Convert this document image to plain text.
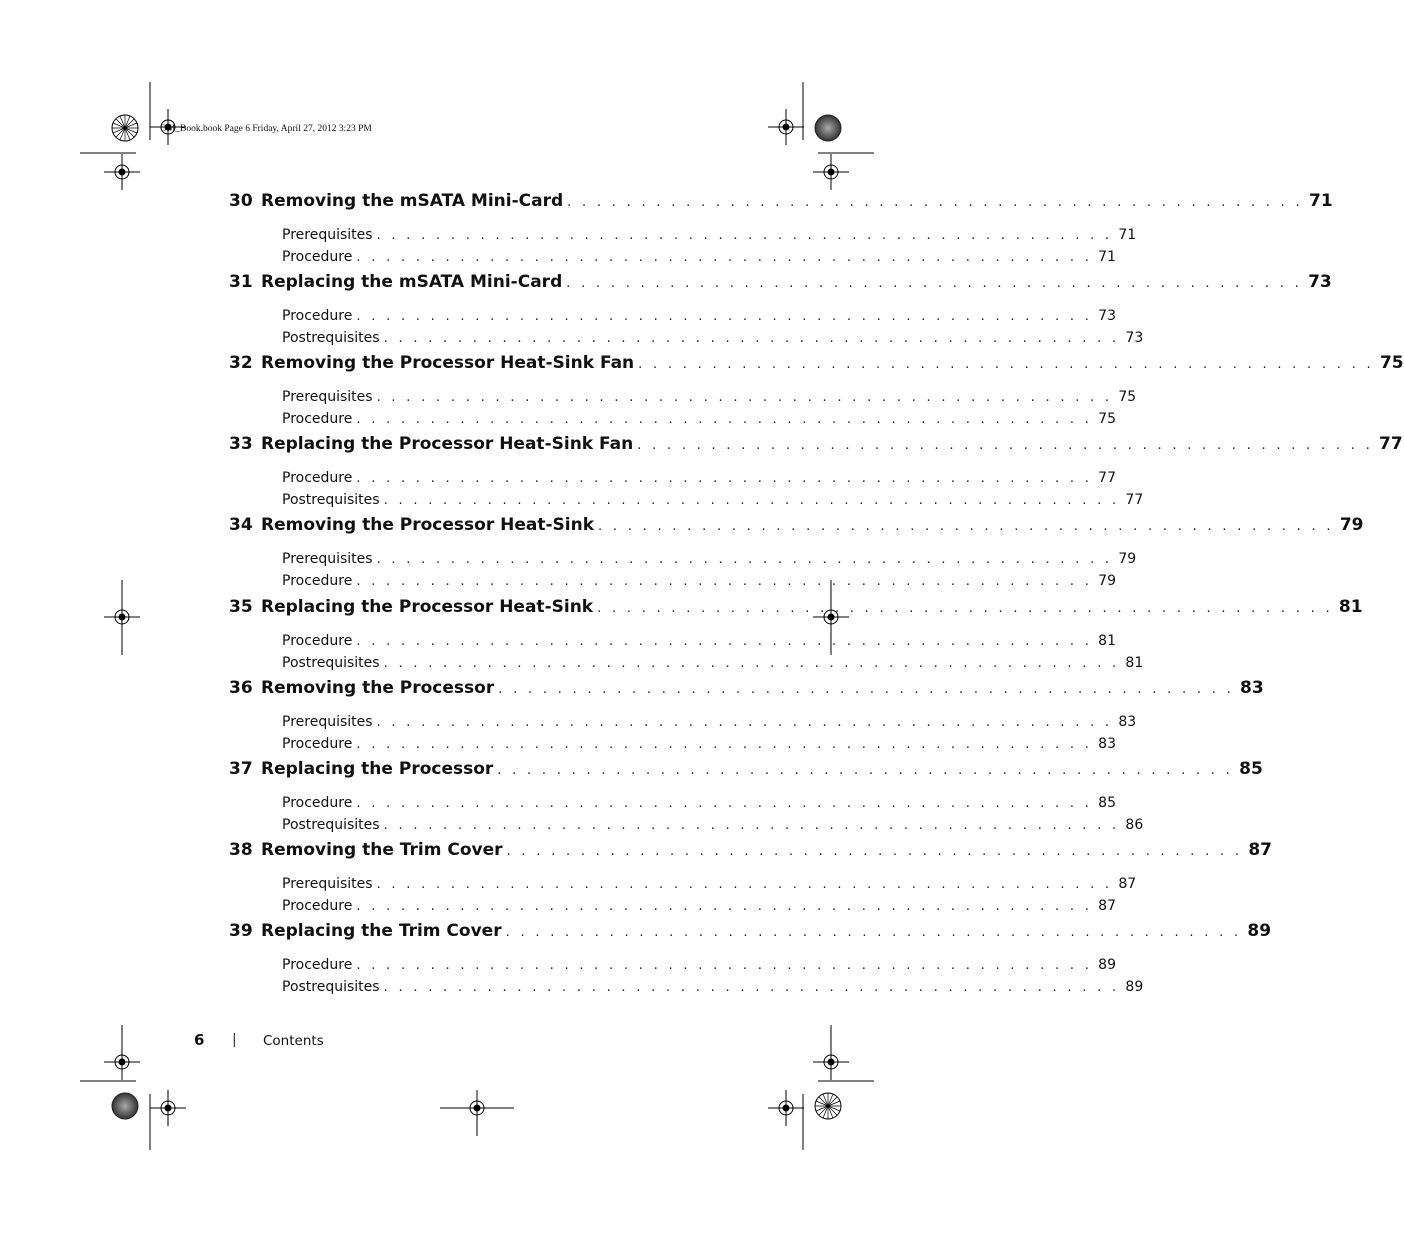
OM_Book.book Page 6 Friday, April 27, 2012 3:23 PM
30 Removing the mSATA Mini-Card . . . . . . . . . . . . . . . . . . . . . . . . . . . . . . . . . . . . . . . . . . . . . . . . . . 71
Prerequisites . . . . . . . . . . . . . . . . . . . . . . . . . . . . . . . . . . . . . . . . . . . . . . . . . . 71
Procedure . . . . . . . . . . . . . . . . . . . . . . . . . . . . . . . . . . . . . . . . . . . . . . . . . . 71
31 Replacing the mSATA Mini-Card . . . . . . . . . . . . . . . . . . . . . . . . . . . . . . . . . . . . . . . . . . . . . . . . . . 73
Procedure . . . . . . . . . . . . . . . . . . . . . . . . . . . . . . . . . . . . . . . . . . . . . . . . . . 73
Postrequisites . . . . . . . . . . . . . . . . . . . . . . . . . . . . . . . . . . . . . . . . . . . . . . . . . . 73
32 Removing the Processor Heat-Sink Fan . . . . . . . . . . . . . . . . . . . . . . . . . . . . . . . . . . . . . . . . . . . . . . . . . . 75
Prerequisites . . . . . . . . . . . . . . . . . . . . . . . . . . . . . . . . . . . . . . . . . . . . . . . . . . 75
Procedure . . . . . . . . . . . . . . . . . . . . . . . . . . . . . . . . . . . . . . . . . . . . . . . . . . 75
33 Replacing the Processor Heat-Sink Fan . . . . . . . . . . . . . . . . . . . . . . . . . . . . . . . . . . . . . . . . . . . . . . . . . . 77
Procedure . . . . . . . . . . . . . . . . . . . . . . . . . . . . . . . . . . . . . . . . . . . . . . . . . . 77
Postrequisites . . . . . . . . . . . . . . . . . . . . . . . . . . . . . . . . . . . . . . . . . . . . . . . . . . 77
34 Removing the Processor Heat-Sink . . . . . . . . . . . . . . . . . . . . . . . . . . . . . . . . . . . . . . . . . . . . . . . . . . 79
Prerequisites . . . . . . . . . . . . . . . . . . . . . . . . . . . . . . . . . . . . . . . . . . . . . . . . . . 79
Procedure . . . . . . . . . . . . . . . . . . . . . . . . . . . . . . . . . . . . . . . . . . . . . . . . . . 79
35 Replacing the Processor Heat-Sink . . . . . . . . . . . . . . . . . . . . . . . . . . . . . . . . . . . . . . . . . . . . . . . . . . 81
Procedure . . . . . . . . . . . . . . . . . . . . . . . . . . . . . . . . . . . . . . . . . . . . . . . . . . 81
Postrequisites . . . . . . . . . . . . . . . . . . . . . . . . . . . . . . . . . . . . . . . . . . . . . . . . . . 81
36 Removing the Processor . . . . . . . . . . . . . . . . . . . . . . . . . . . . . . . . . . . . . . . . . . . . . . . . . . 83
Prerequisites . . . . . . . . . . . . . . . . . . . . . . . . . . . . . . . . . . . . . . . . . . . . . . . . . . 83
Procedure . . . . . . . . . . . . . . . . . . . . . . . . . . . . . . . . . . . . . . . . . . . . . . . . . . 83
37 Replacing the Processor . . . . . . . . . . . . . . . . . . . . . . . . . . . . . . . . . . . . . . . . . . . . . . . . . . 85
Procedure . . . . . . . . . . . . . . . . . . . . . . . . . . . . . . . . . . . . . . . . . . . . . . . . . . 85
Postrequisites . . . . . . . . . . . . . . . . . . . . . . . . . . . . . . . . . . . . . . . . . . . . . . . . . . 86
38 Removing the Trim Cover . . . . . . . . . . . . . . . . . . . . . . . . . . . . . . . . . . . . . . . . . . . . . . . . . . 87
Prerequisites . . . . . . . . . . . . . . . . . . . . . . . . . . . . . . . . . . . . . . . . . . . . . . . . . . 87
Procedure . . . . . . . . . . . . . . . . . . . . . . . . . . . . . . . . . . . . . . . . . . . . . . . . . . 87
39 Replacing the Trim Cover . . . . . . . . . . . . . . . . . . . . . . . . . . . . . . . . . . . . . . . . . . . . . . . . . . 89
Procedure . . . . . . . . . . . . . . . . . . . . . . . . . . . . . . . . . . . . . . . . . . . . . . . . . . 89
Postrequisites . . . . . . . . . . . . . . . . . . . . . . . . . . . . . . . . . . . . . . . . . . . . . . . . . . 89
6 | Contents
